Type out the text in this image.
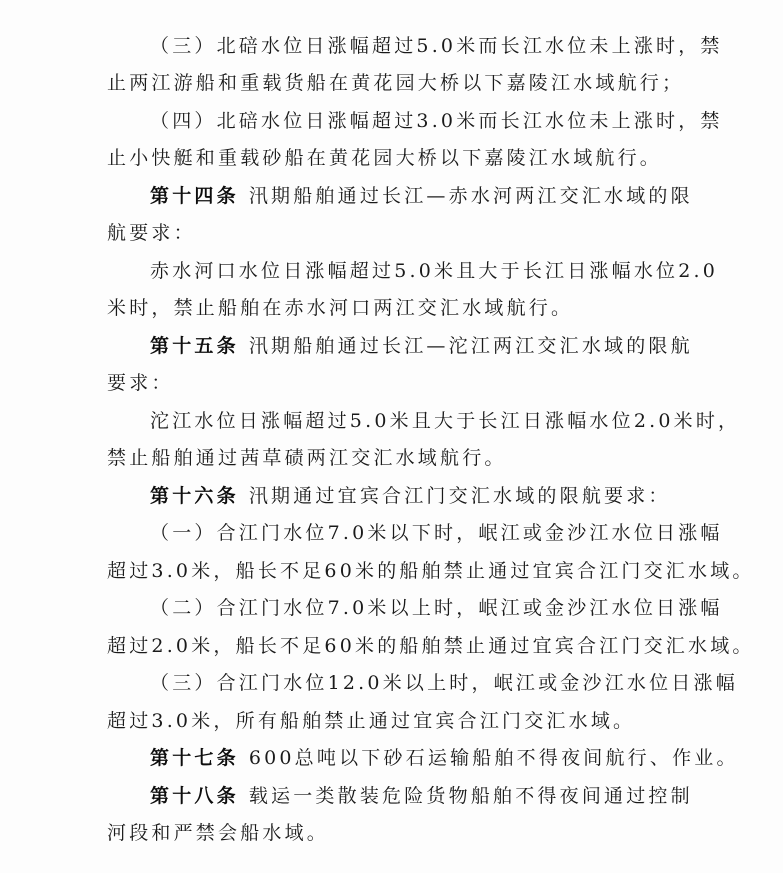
（三）北碚水位日涨幅超过5.0米而长江水位未上涨时，禁
止两江游船和重载货船在黄花园大桥以下嘉陵江水域航行；
（四）北碚水位日涨幅超过3.0米而长江水位未上涨时，禁
止小快艇和重载砂船在黄花园大桥以下嘉陵江水域航行。
第十四条 汛期船舶通过长江—赤水河两江交汇水域的限
航要求：
赤水河口水位日涨幅超过5.0米且大于长江日涨幅水位2.0
米时，禁止船舶在赤水河口两江交汇水域航行。
第十五条 汛期船舶通过长江—沱江两江交汇水域的限航
要求：
沱江水位日涨幅超过5.0米且大于长江日涨幅水位2.0米时，
禁止船舶通过茜草碛两江交汇水域航行。
第十六条 汛期通过宜宾合江门交汇水域的限航要求：
（一）合江门水位7.0米以下时，岷江或金沙江水位日涨幅
超过3.0米，船长不足60米的船舶禁止通过宜宾合江门交汇水域。
（二）合江门水位7.0米以上时，岷江或金沙江水位日涨幅
超过2.0米，船长不足60米的船舶禁止通过宜宾合江门交汇水域。
（三）合江门水位12.0米以上时，岷江或金沙江水位日涨幅
超过3.0米，所有船舶禁止通过宜宾合江门交汇水域。
第十七条 600总吨以下砂石运输船舶不得夜间航行、作业。
第十八条 载运一类散装危险货物船舶不得夜间通过控制
河段和严禁会船水域。
